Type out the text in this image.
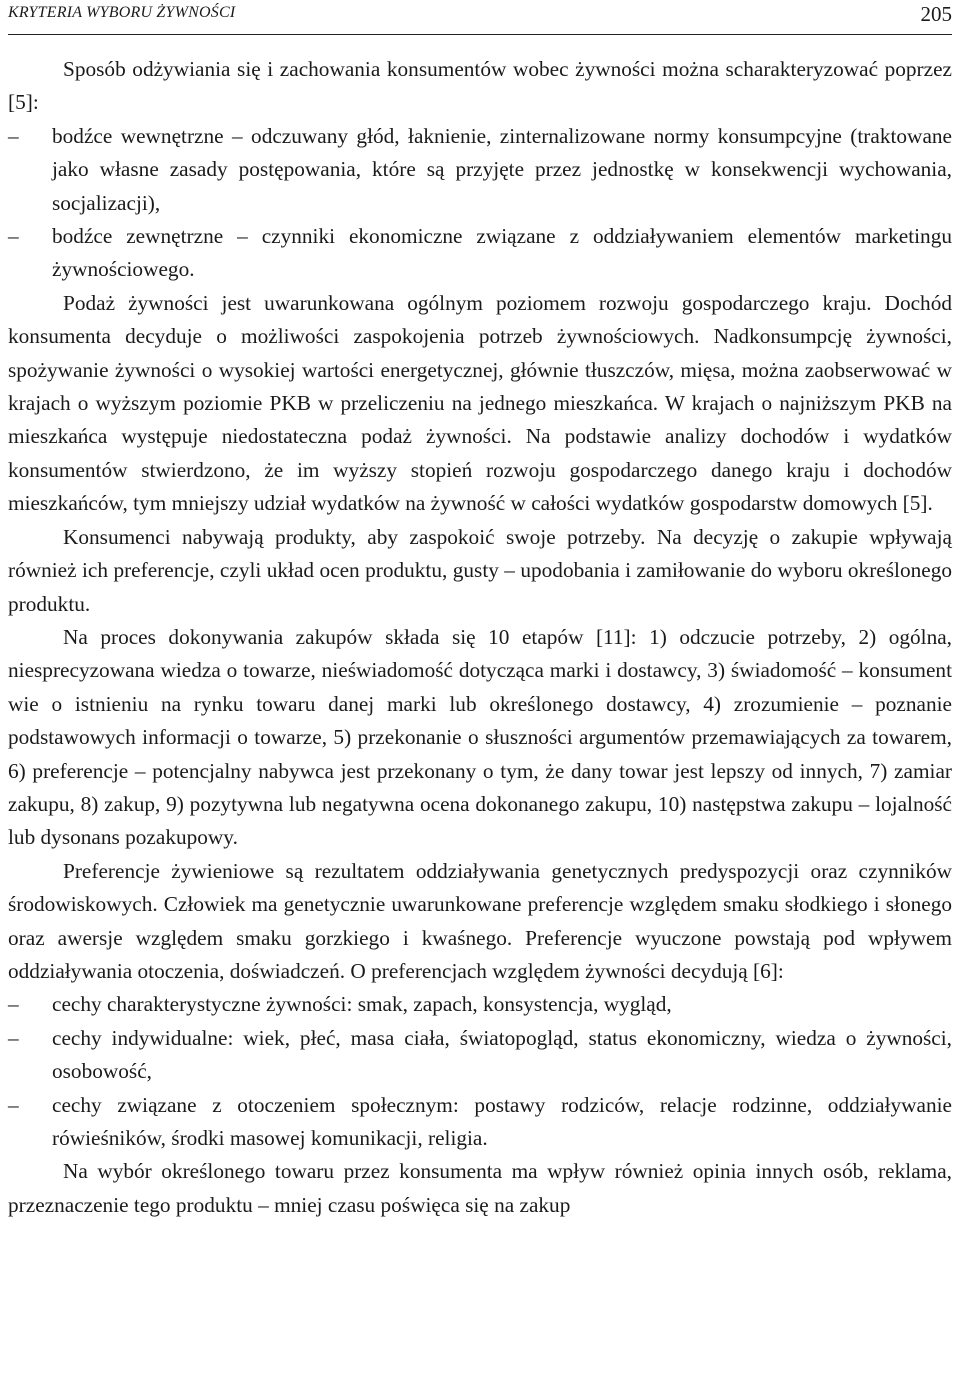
KRYTERIA WYBORU ŻYWNOŚCI	205

Sposób odżywiania się i zachowania konsumentów wobec żywności można scharakteryzować poprzez [5]:

–	bodźce wewnętrzne – odczuwany głód, łaknienie, zinternalizowane normy konsumpcyjne (traktowane jako własne zasady postępowania, które są przyjęte przez jednostkę w konsekwencji wychowania, socjalizacji),
–	bodźce zewnętrzne – czynniki ekonomiczne związane z oddziaływaniem elementów marketingu żywnościowego.

Podaż żywności jest uwarunkowana ogólnym poziomem rozwoju gospodarczego kraju. Dochód konsumenta decyduje o możliwości zaspokojenia potrzeb żywnościowych. Nadkonsumpcję żywności, spożywanie żywności o wysokiej wartości energetycznej, głównie tłuszczów, mięsa, można zaobserwować w krajach o wyższym poziomie PKB w przeliczeniu na jednego mieszkańca. W krajach o najniższym PKB na mieszkańca występuje niedostateczna podaż żywności. Na podstawie analizy dochodów i wydatków konsumentów stwierdzono, że im wyższy stopień rozwoju gospodarczego danego kraju i dochodów mieszkańców, tym mniejszy udział wydatków na żywność w całości wydatków gospodarstw domowych [5].

Konsumenci nabywają produkty, aby zaspokoić swoje potrzeby. Na decyzję o zakupie wpływają również ich preferencje, czyli układ ocen produktu, gusty – upodobania i zamiłowanie do wyboru określonego produktu.

Na proces dokonywania zakupów składa się 10 etapów [11]: 1) odczucie potrzeby, 2) ogólna, niesprecyzowana wiedza o towarze, nieświadomość dotycząca marki i dostawcy, 3) świadomość – konsument wie o istnieniu na rynku towaru danej marki lub określonego dostawcy, 4) zrozumienie – poznanie podstawowych informacji o towarze, 5) przekonanie o słuszności argumentów przemawiających za towarem, 6) preferencje – potencjalny nabywca jest przekonany o tym, że dany towar jest lepszy od innych, 7) zamiar zakupu, 8) zakup, 9) pozytywna lub negatywna ocena dokonanego zakupu, 10) następstwa zakupu – lojalność lub dysonans pozakupowy.

Preferencje żywieniowe są rezultatem oddziaływania genetycznych predyspozycji oraz czynników środowiskowych. Człowiek ma genetycznie uwarunkowane preferencje względem smaku słodkiego i słonego oraz awersje względem smaku gorzkiego i kwaśnego. Preferencje wyuczone powstają pod wpływem oddziaływania otoczenia, doświadczeń. O preferencjach względem żywności decydują [6]:

–	cechy charakterystyczne żywności: smak, zapach, konsystencja, wygląd,
–	cechy indywidualne: wiek, płeć, masa ciała, światopogląd, status ekonomiczny, wiedza o żywności, osobowość,
–	cechy związane z otoczeniem społecznym: postawy rodziców, relacje rodzinne, oddziaływanie rówieśników, środki masowej komunikacji, religia.

Na wybór określonego towaru przez konsumenta ma wpływ również opinia innych osób, reklama, przeznaczenie tego produktu – mniej czasu poświęca się na zakup
